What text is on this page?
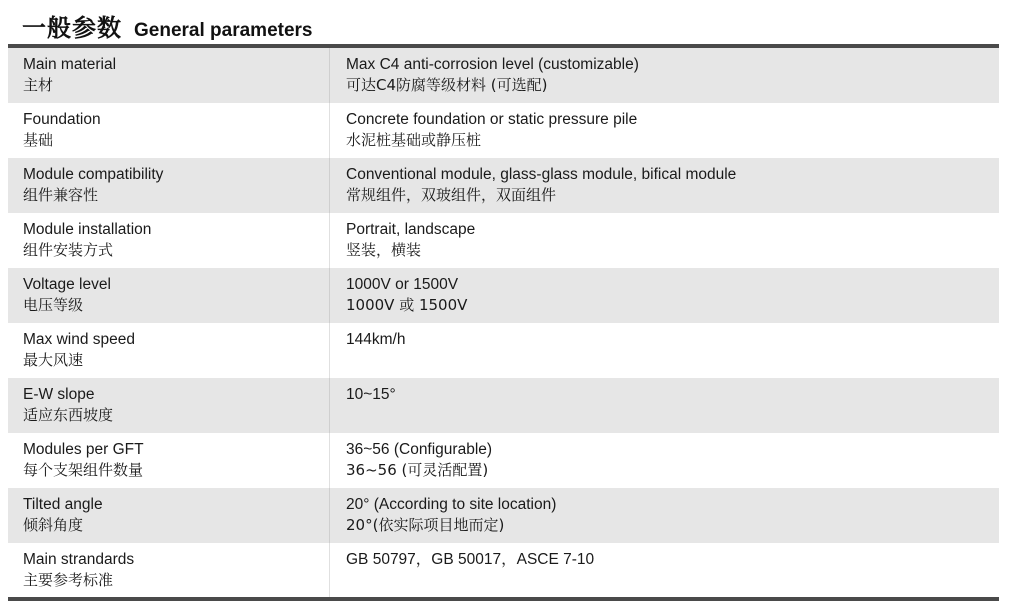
一般参数 General parameters
Main material
主材
Max C4 anti-corrosion level (customizable)
可达C4防腐等级材料 (可选配)
Foundation
基础
Concrete foundation or static pressure pile
水泥桩基础或静压桩
Module compatibility
组件兼容性
Conventional module, glass-glass module, bifical module
常规组件，双玻组件，双面组件
Module installation
组件安装方式
Portrait, landscape
竖装，横装
Voltage level
电压等级
1000V or 1500V
1000V 或 1500V
Max wind speed
最大风速
144km/h
E-W slope
适应东西坡度
10~15°
Modules per GFT
每个支架组件数量
36~56 (Configurable)
36~56 (可灵活配置)
Tilted angle
倾斜角度
20° (According to site location)
20°(依实际项目地而定)
Main strandards
主要参考标准
GB 50797，GB 50017，ASCE 7-10
